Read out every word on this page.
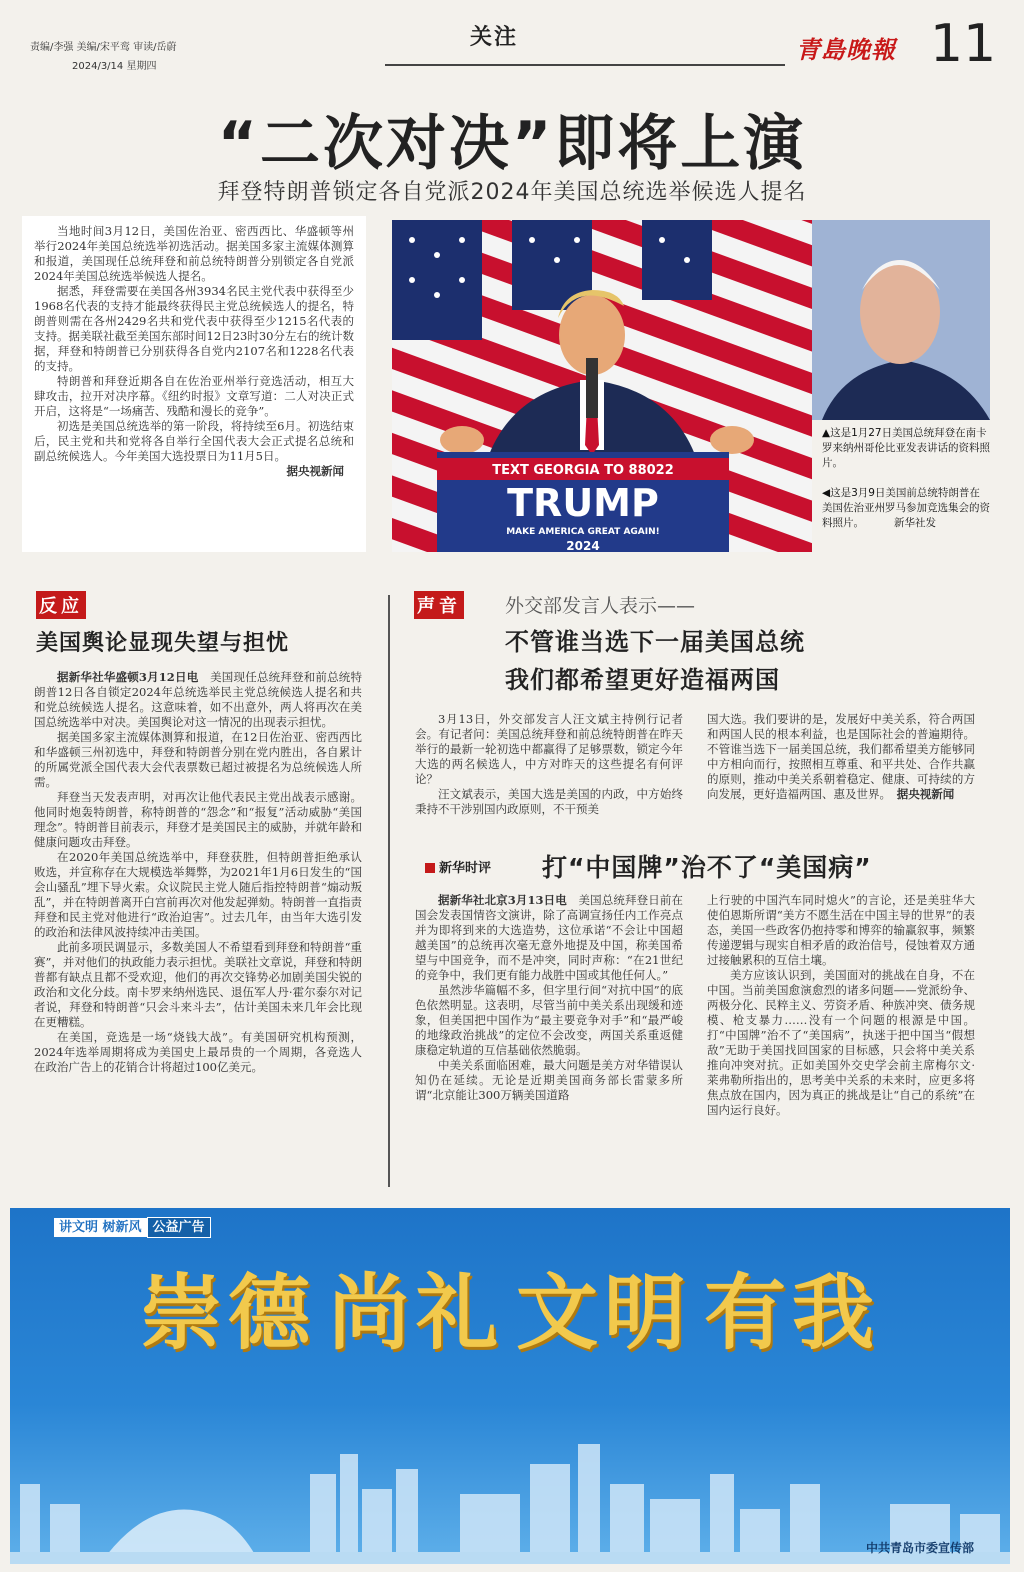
责编/李强 美编/宋平鸾 审读/岳蔚
2024/3/14 星期四
关注	青島晚報 11
“二次对决”即将上演
拜登特朗普锁定各自党派2024年美国总统选举候选人提名

当地时间3月12日，美国佐治亚、密西西比、华盛顿等州举行2024年美国总统选举初选活动。据美国多家主流媒体测算和报道，美国现任总统拜登和前总统特朗普分别锁定各自党派2024年美国总统选举候选人提名。

据悉，拜登需要在美国各州3934名民主党代表中获得至少1968名代表的支持才能最终获得民主党总统候选人的提名，特朗普则需在各州2429名共和党代表中获得至少1215名代表的支持。据美联社截至美国东部时间12日23时30分左右的统计数据，拜登和特朗普已分别获得各自党内2107名和1228名代表的支持。

特朗普和拜登近期各自在佐治亚州举行竞选活动，相互大肆攻击，拉开对决序幕。《纽约时报》文章写道：二人对决正式开启，这将是“一场痛苦、残酷和漫长的竞争”。

初选是美国总统选举的第一阶段，将持续至6月。初选结束后，民主党和共和党将各自举行全国代表大会正式提名总统和副总统候选人。今年美国大选投票日为11月5日。

据央视新闻	TEXT GEORGIA TO 88022
TRUMP
MAKE AMERICA GREAT AGAIN!
2024
▲这是1月27日美国总统拜登在南卡罗来纳州哥伦比亚发表讲话的资料照片。
◀这是3月9日美国前总统特朗普在美国佐治亚州罗马参加竞选集会的资料照片。	新华社发
反应
美国舆论显现失望与担忧

据新华社华盛顿3月12日电　 美国现任总统拜登和前总统特朗普12日各自锁定2024年总统选举民主党总统候选人提名和共和党总统候选人提名。这意味着，如不出意外，两人将再次在美国总统选举中对决。美国舆论对这一情况的出现表示担忧。

据美国多家主流媒体测算和报道，在12日佐治亚、密西西比和华盛顿三州初选中，拜登和特朗普分别在党内胜出，各自累计的所属党派全国代表大会代表票数已超过被提名为总统候选人所需。

拜登当天发表声明，对再次让他代表民主党出战表示感谢。他同时炮轰特朗普，称特朗普的“怨念”和“报复”活动威胁“美国理念”。特朗普目前表示，拜登才是美国民主的威胁，并就年龄和健康问题攻击拜登。

在2020年美国总统选举中，拜登获胜，但特朗普拒绝承认败选，并宣称存在大规模选举舞弊，为2021年1月6日发生的“国会山骚乱”埋下导火索。众议院民主党人随后指控特朗普“煽动叛乱”，并在特朗普离开白宫前再次对他发起弹劾。特朗普一直指责拜登和民主党对他进行“政治迫害”。过去几年，由当年大选引发的政治和法律风波持续冲击美国。

此前多项民调显示，多数美国人不希望看到拜登和特朗普“重赛”，并对他们的执政能力表示担忧。美联社文章说，拜登和特朗普都有缺点且都不受欢迎，他们的再次交锋势必加剧美国尖锐的政治和文化分歧。南卡罗来纳州选民、退伍军人丹·霍尔泰尔对记者说，拜登和特朗普“只会斗来斗去”，估计美国未来几年会比现在更糟糕。

在美国，竞选是一场“烧钱大战”。有美国研究机构预测，2024年选举周期将成为美国史上最昂贵的一个周期，各竞选人在政治广告上的花销合计将超过100亿美元。

声音 外交部发言人表示——
不管谁当选下一届美国总统
我们都希望更好造福两国

3月13日，外交部发言人汪文斌主持例行记者会。有记者问：美国总统拜登和前总统特朗普在昨天举行的最新一轮初选中都赢得了足够票数，锁定今年大选的两名候选人，中方对昨天的这些提名有何评论？

汪文斌表示，美国大选是美国的内政，中方始终秉持不干涉别国内政原则，不干预美

国大选。我们要讲的是，发展好中美关系，符合两国和两国人民的根本利益，也是国际社会的普遍期待。不管谁当选下一届美国总统，我们都希望美方能够同中方相向而行，按照相互尊重、和平共处、合作共赢的原则，推动中美关系朝着稳定、健康、可持续的方向发展，更好造福两国、惠及世界。　 据央视新闻

新华时评 打“中国牌”治不了“美国病”

据新华社北京3月13日电　 美国总统拜登日前在国会发表国情咨文演讲，除了高调宣扬任内工作亮点并为即将到来的大选造势，这位承诺“不会让中国超越美国”的总统再次毫无意外地提及中国，称美国希望与中国竞争，而不是冲突，同时声称：“在21世纪的竞争中，我们更有能力战胜中国或其他任何人。”

虽然涉华篇幅不多，但字里行间“对抗中国”的底色依然明显。这表明，尽管当前中美关系出现缓和迹象，但美国把中国作为“最主要竞争对手”和“最严峻的地缘政治挑战”的定位不会改变，两国关系重返健康稳定轨道的互信基础依然脆弱。

中美关系面临困难，最大问题是美方对华错误认知仍在延续。无论是近期美国商务部长雷蒙多所谓“北京能让300万辆美国道路

上行驶的中国汽车同时熄火”的言论，还是美驻华大使伯恩斯所谓“美方不愿生活在中国主导的世界”的表态，美国一些政客仍抱持零和博弈的输赢叙事，频繁传递逻辑与现实自相矛盾的政治信号，侵蚀着双方通过接触累积的互信土壤。

美方应该认识到，美国面对的挑战在自身，不在中国。当前美国愈演愈烈的诸多问题——党派纷争、两极分化、民粹主义、劳资矛盾、种族冲突、债务规模、枪支暴力……没有一个问题的根源是中国。打“中国牌”治不了“美国病”，执迷于把中国当“假想敌”无助于美国找回国家的目标感，只会将中美关系推向冲突对抗。正如美国外交史学会前主席梅尔文·莱弗勒所指出的，思考美中关系的未来时，应更多将焦点放在国内，因为真正的挑战是让“自己的系统”在国内运行良好。

讲文明 树新风 公益广告
崇德 尚礼 文明 有我
中共青岛市委宣传部
